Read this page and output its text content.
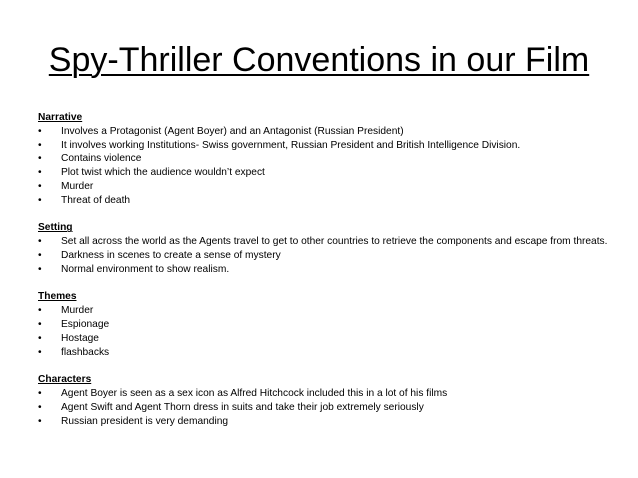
Spy-Thriller Conventions in our Film

Narrative

• Involves a Protagonist (Agent Boyer) and an Antagonist (Russian President)
• It involves working Institutions- Swiss government, Russian President and British Intelligence Division.
• Contains violence
• Plot twist which the audience wouldn’t expect
• Murder
• Threat of death

Setting

• Set all across the world as the Agents travel to get to other countries to retrieve the components and escape from threats.
• Darkness in scenes to create a sense of mystery
• Normal environment to show realism.

Themes

• Murder
• Espionage
• Hostage
• flashbacks

Characters

• Agent Boyer is seen as a sex icon as Alfred Hitchcock included this in a lot of his films
• Agent Swift and Agent Thorn dress in suits and take their job extremely seriously
• Russian president is very demanding
